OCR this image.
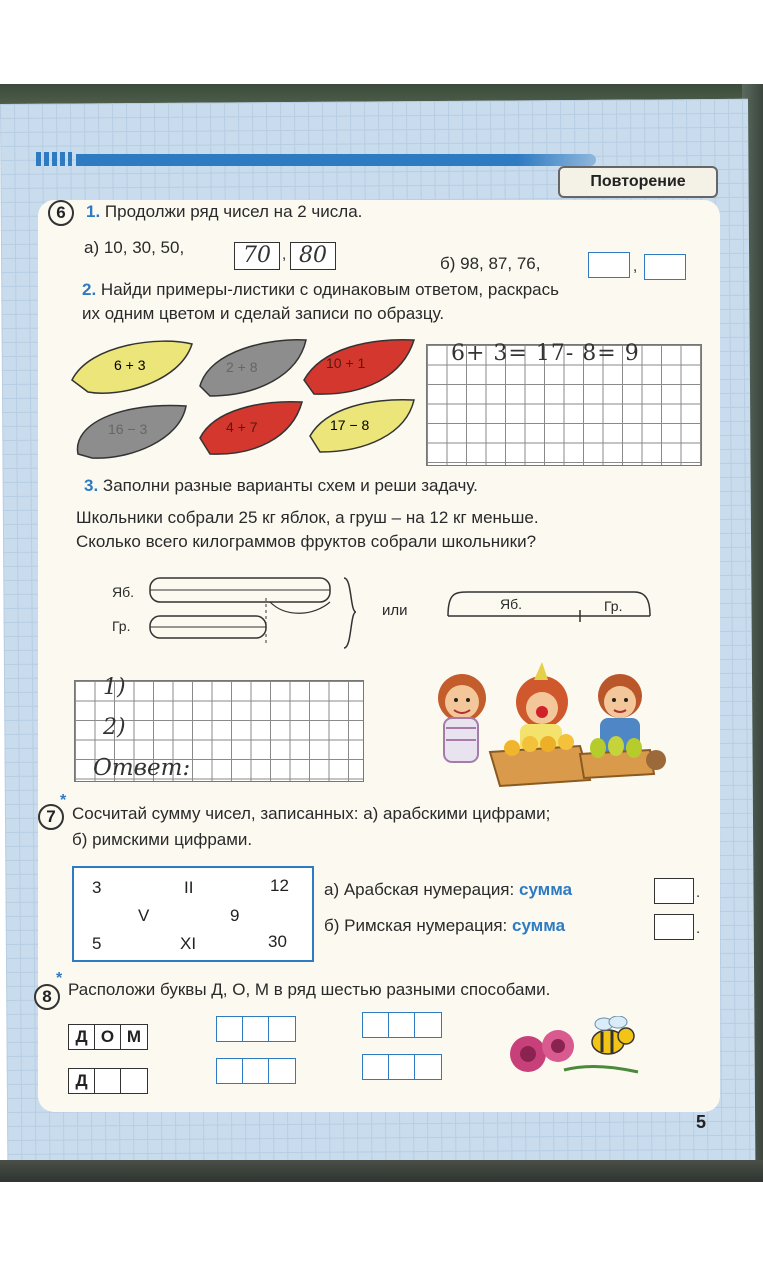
Повторение
6	1. Продолжи ряд чисел на 2 числа.
а) 10, 30, 50,	70 , 80	б) 98, 87, 76,	,
2. Найди примеры-листики с одинаковым ответом, раскрась
их одним цветом и сделай записи по образцу.
6 + 3	2 + 8	10 + 1
16 − 3	4 + 7	17 − 8
6+ 3= 17- 8= 9
3. Заполни разные варианты схем и реши задачу.
Школьники собрали 25 кг яблок, а груш – на 12 кг меньше.
Сколько всего килограммов фруктов собрали школьники?
Яб.
Гр.
или	Яб.	Гр.
1)
2)
Ответ:
7
*
Сосчитай сумму чисел, записанных: а) арабскими цифрами;
б) римскими цифрами.
3	II	12
V	9
5	XI	30
а) Арабская нумерация: сумма	.
б) Римская нумерация: сумма	.
8
*
Расположи буквы Д, О, М в ряд шестью разными способами.
Д О М
Д
5
